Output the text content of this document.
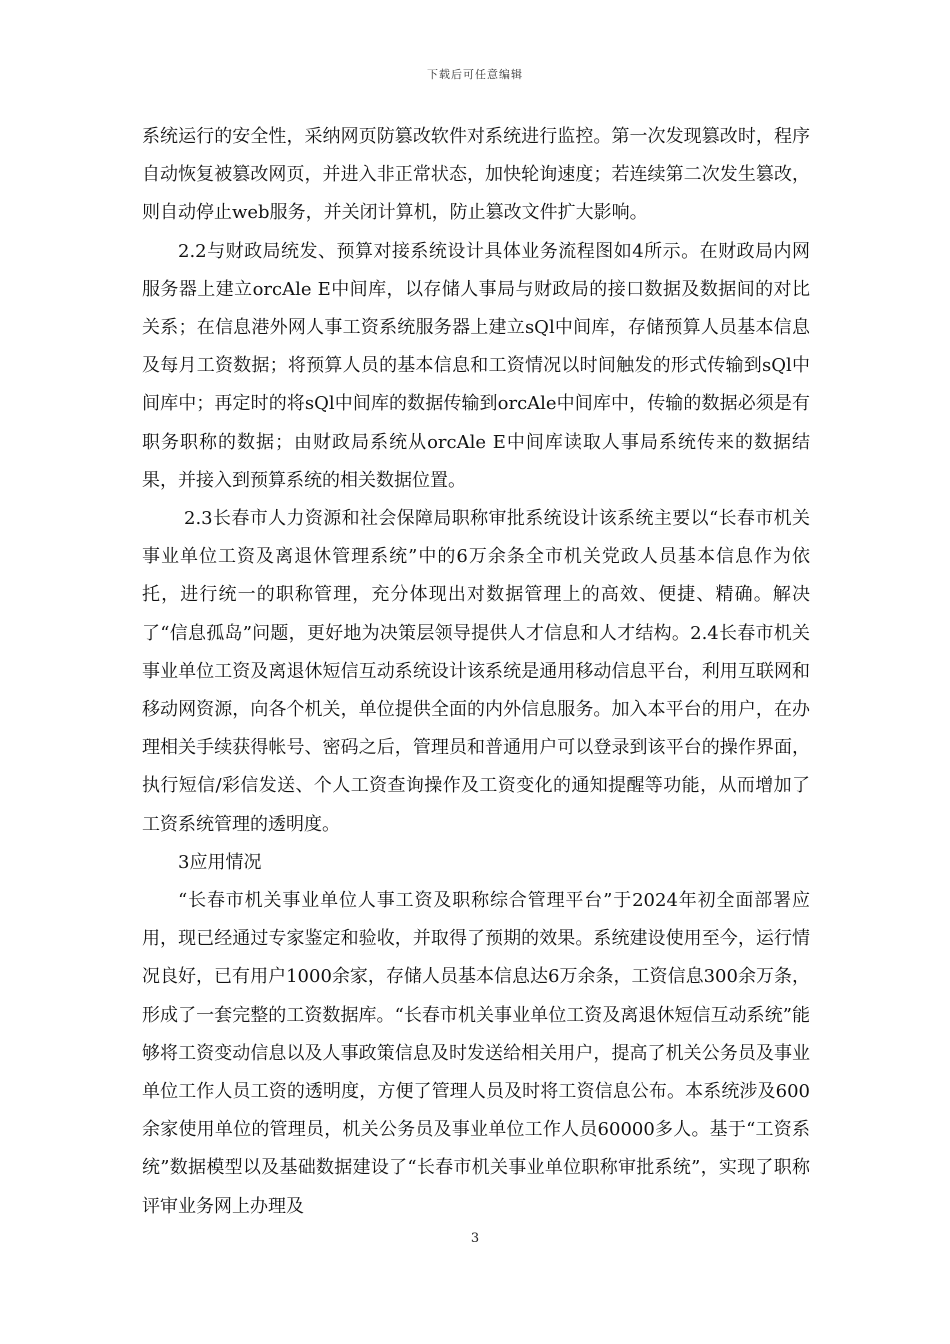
下载后可任意编辑

系统运行的安全性，采纳网页防篡改软件对系统进行监控。第一次发现篡改时，程序自动恢复被篡改网页，并进入非正常状态，加快轮询速度；若连续第二次发生篡改，则自动停止web服务，并关闭计算机，防止篡改文件扩大影响。

2.2与财政局统发、预算对接系统设计具体业务流程图如4所示。在财政局内网服务器上建立orcAle E中间库，以存储人事局与财政局的接口数据及数据间的对比关系；在信息港外网人事工资系统服务器上建立sQl中间库，存储预算人员基本信息及每月工资数据；将预算人员的基本信息和工资情况以时间触发的形式传输到sQl中间库中；再定时的将sQl中间库的数据传输到orcAle中间库中，传输的数据必须是有职务职称的数据；由财政局系统从orcAle E中间库读取人事局系统传来的数据结果，并接入到预算系统的相关数据位置。

2.3长春市人力资源和社会保障局职称审批系统设计该系统主要以“长春市机关事业单位工资及离退休管理系统”中的6万余条全市机关党政人员基本信息作为依托，进行统一的职称管理，充分体现出对数据管理上的高效、便捷、精确。解决了“信息孤岛”问题，更好地为决策层领导提供人才信息和人才结构。2.4长春市机关事业单位工资及离退休短信互动系统设计该系统是通用移动信息平台，利用互联网和移动网资源，向各个机关，单位提供全面的内外信息服务。加入本平台的用户，在办理相关手续获得帐号、密码之后，管理员和普通用户可以登录到该平台的操作界面，执行短信/彩信发送、个人工资查询操作及工资变化的通知提醒等功能，从而增加了工资系统管理的透明度。

3应用情况

“长春市机关事业单位人事工资及职称综合管理平台”于2024年初全面部署应用，现已经通过专家鉴定和验收，并取得了预期的效果。系统建设使用至今，运行情况良好，已有用户1000余家，存储人员基本信息达6万余条，工资信息300余万条，形成了一套完整的工资数据库。“长春市机关事业单位工资及离退休短信互动系统”能够将工资变动信息以及人事政策信息及时发送给相关用户，提高了机关公务员及事业单位工作人员工资的透明度，方便了管理人员及时将工资信息公布。本系统涉及600余家使用单位的管理员，机关公务员及事业单位工作人员60000多人。基于“工资系统”数据模型以及基础数据建设了“长春市机关事业单位职称审批系统”，实现了职称评审业务网上办理及

3
